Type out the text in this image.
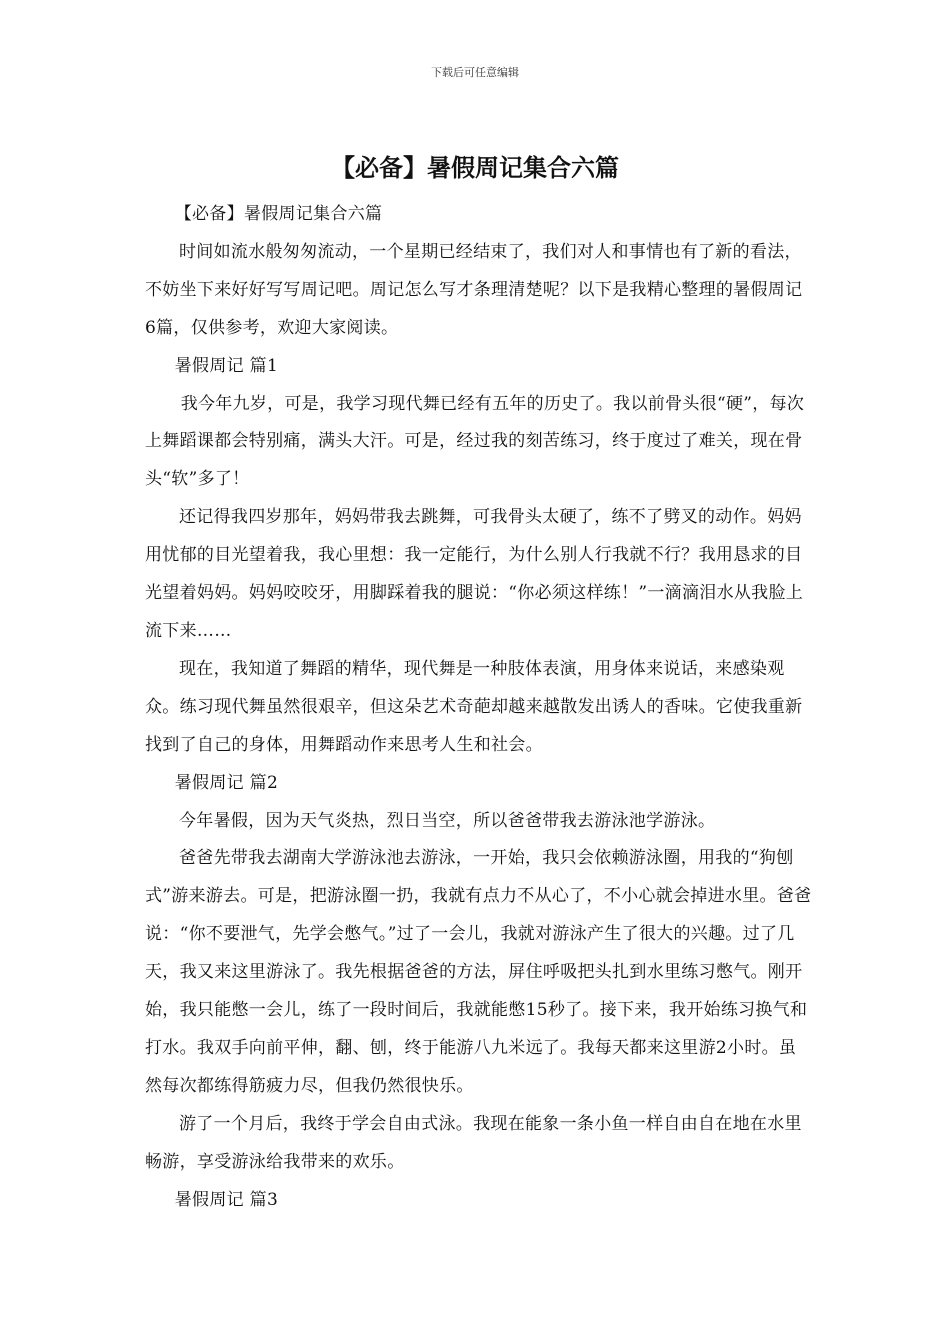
下载后可任意编辑
【必备】暑假周记集合六篇

【必备】暑假周记集合六篇

时间如流水般匆匆流动，一个星期已经结束了，我们对人和事情也有了新的看法，不妨坐下来好好写写周记吧。周记怎么写才条理清楚呢？以下是我精心整理的暑假周记6篇，仅供参考，欢迎大家阅读。

暑假周记 篇1

我今年九岁，可是，我学习现代舞已经有五年的历史了。我以前骨头很“硬”，每次上舞蹈课都会特别痛，满头大汗。可是，经过我的刻苦练习，终于度过了难关，现在骨头“软”多了！

还记得我四岁那年，妈妈带我去跳舞，可我骨头太硬了，练不了劈叉的动作。妈妈用忧郁的目光望着我，我心里想：我一定能行，为什么别人行我就不行？我用恳求的目光望着妈妈。妈妈咬咬牙，用脚踩着我的腿说：“你必须这样练！”一滴滴泪水从我脸上流下来……

现在，我知道了舞蹈的精华，现代舞是一种肢体表演，用身体来说话，来感染观众。练习现代舞虽然很艰辛，但这朵艺术奇葩却越来越散发出诱人的香味。它使我重新找到了自己的身体，用舞蹈动作来思考人生和社会。

暑假周记 篇2

今年暑假，因为天气炎热，烈日当空，所以爸爸带我去游泳池学游泳。

爸爸先带我去湖南大学游泳池去游泳，一开始，我只会依赖游泳圈，用我的“狗刨式”游来游去。可是，把游泳圈一扔，我就有点力不从心了，不小心就会掉进水里。爸爸说：“你不要泄气，先学会憋气。”过了一会儿，我就对游泳产生了很大的兴趣。过了几天，我又来这里游泳了。我先根据爸爸的方法，屏住呼吸把头扎到水里练习憋气。刚开始，我只能憋一会儿，练了一段时间后，我就能憋15秒了。接下来，我开始练习换气和打水。我双手向前平伸，翻、刨，终于能游八九米远了。我每天都来这里游2小时。虽然每次都练得筋疲力尽，但我仍然很快乐。

游了一个月后，我终于学会自由式泳。我现在能象一条小鱼一样自由自在地在水里畅游，享受游泳给我带来的欢乐。

暑假周记 篇3
